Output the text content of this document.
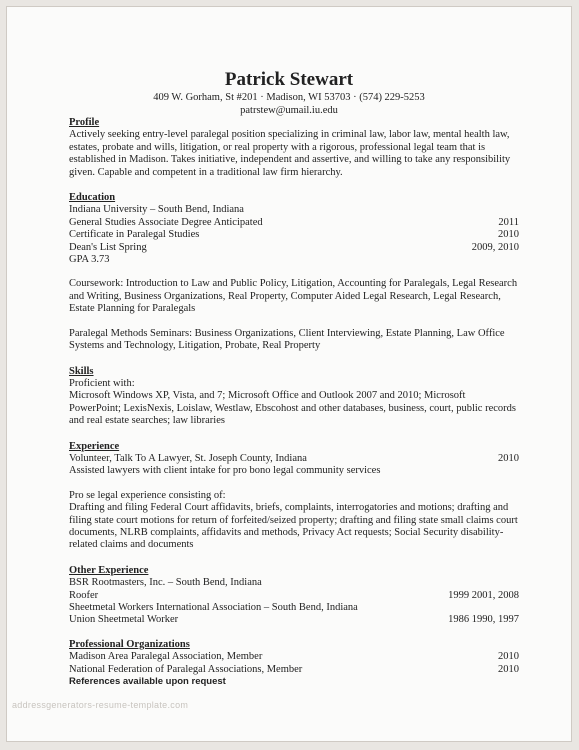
Patrick Stewart
409 W. Gorham, St #201 · Madison, WI 53703 · (574) 229-5253
patrstew@umail.iu.edu
Profile

Actively seeking entry-level paralegal position specializing in criminal law, labor law, mental health law, estates, probate and wills, litigation, or real property with a rigorous, professional legal team that is established in Madison. Takes initiative, independent and assertive, and willing to take any responsibility given. Capable and competent in a traditional law firm hierarchy.

Education
Indiana University – South Bend, Indiana
General Studies Associate Degree Anticipated	2011
Certificate in Paralegal Studies	2010
Dean's List Spring	2009, 2010
GPA 3.73

Coursework: Introduction to Law and Public Policy, Litigation, Accounting for Paralegals, Legal Research and Writing, Business Organizations, Real Property, Computer Aided Legal Research, Legal Research, Estate Planning for Paralegals

Paralegal Methods Seminars: Business Organizations, Client Interviewing, Estate Planning, Law Office Systems and Technology, Litigation, Probate, Real Property

Skills
Proficient with:

Microsoft Windows XP, Vista, and 7; Microsoft Office and Outlook 2007 and 2010; Microsoft PowerPoint; LexisNexis, Loislaw, Westlaw, Ebscohost and other databases, business, court, public records and real estate searches; law libraries

Experience
Volunteer, Talk To A Lawyer, St. Joseph County, Indiana	2010
Assisted lawyers with client intake for pro bono legal community services
Pro se legal experience consisting of:

Drafting and filing Federal Court affidavits, briefs, complaints, interrogatories and motions; drafting and filing state court motions for return of forfeited/seized property; drafting and filing state small claims court documents, NLRB complaints, affidavits and methods, Privacy Act requests; Social Security disability-related claims and documents

Other Experience
BSR Rootmasters, Inc. – South Bend, Indiana
Roofer	1999 2001, 2008
Sheetmetal Workers International Association – South Bend, Indiana
Union Sheetmetal Worker	1986 1990, 1997
Professional Organizations
Madison Area Paralegal Association, Member	2010
National Federation of Paralegal Associations, Member	2010
References available upon request
addressgenerators-resume-template.com
